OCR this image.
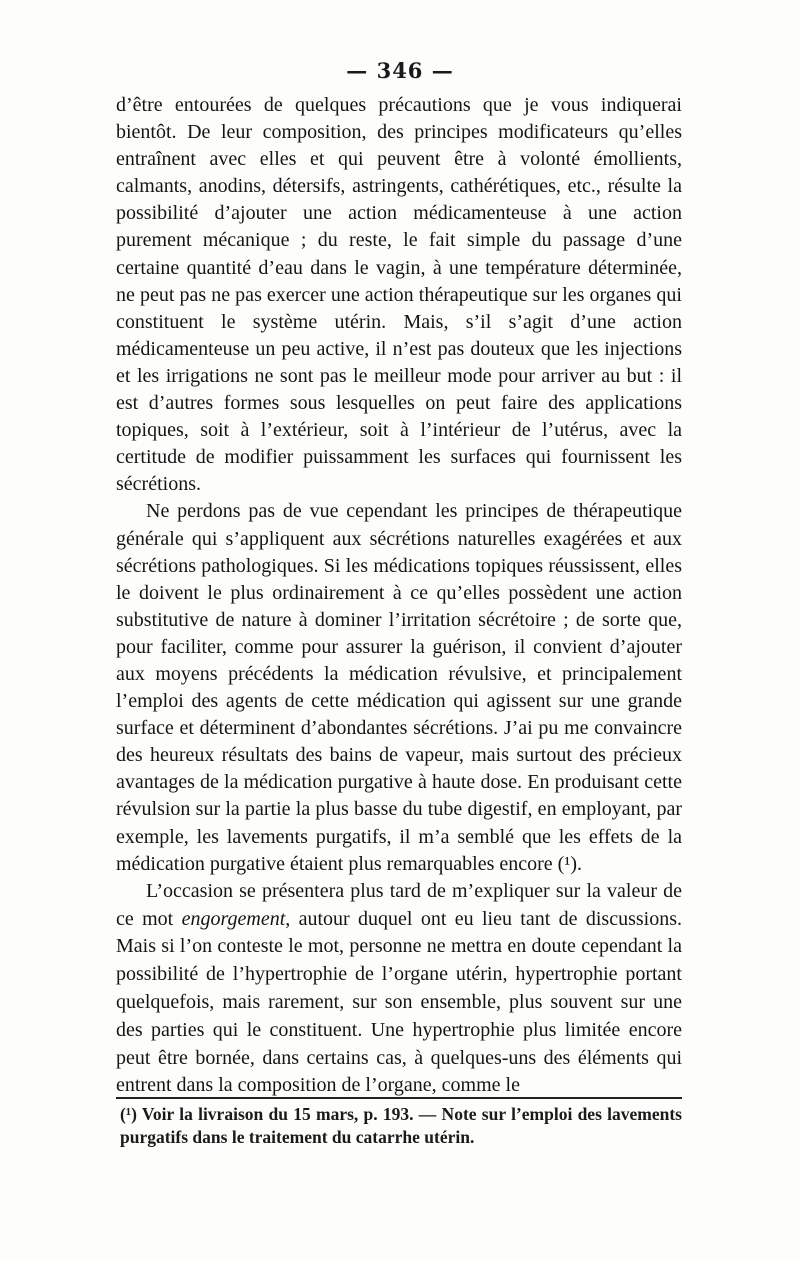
— 346 —

d’être entourées de quelques précautions que je vous indiquerai bientôt. De leur composition, des principes modificateurs qu’elles entraînent avec elles et qui peuvent être à volonté émollients, calmants, anodins, détersifs, astringents, cathérétiques, etc., résulte la possibilité d’ajouter une action médicamenteuse à une action purement mécanique ; du reste, le fait simple du passage d’une certaine quantité d’eau dans le vagin, à une température déterminée, ne peut pas ne pas exercer une action thérapeutique sur les organes qui constituent le système utérin. Mais, s’il s’agit d’une action médicamenteuse un peu active, il n’est pas douteux que les injections et les irrigations ne sont pas le meilleur mode pour arriver au but : il est d’autres formes sous lesquelles on peut faire des applications topiques, soit à l’extérieur, soit à l’intérieur de l’utérus, avec la certitude de modifier puissamment les surfaces qui fournissent les sécrétions.

Ne perdons pas de vue cependant les principes de thérapeutique générale qui s’appliquent aux sécrétions naturelles exagérées et aux sécrétions pathologiques. Si les médications topiques réussissent, elles le doivent le plus ordinairement à ce qu’elles possèdent une action substitutive de nature à dominer l’irritation sécrétoire ; de sorte que, pour faciliter, comme pour assurer la guérison, il convient d’ajouter aux moyens précédents la médication révulsive, et principalement l’emploi des agents de cette médication qui agissent sur une grande surface et déterminent d’abondantes sécrétions. J’ai pu me convaincre des heureux résultats des bains de vapeur, mais surtout des précieux avantages de la médication purgative à haute dose. En produisant cette révulsion sur la partie la plus basse du tube digestif, en employant, par exemple, les lavements purgatifs, il m’a semblé que les effets de la médication purgative étaient plus remarquables encore (¹).

L’occasion se présentera plus tard de m’expliquer sur la valeur de ce mot engorgement, autour duquel ont eu lieu tant de discussions. Mais si l’on conteste le mot, personne ne mettra en doute cependant la possibilité de l’hypertrophie de l’organe utérin, hypertrophie portant quelquefois, mais rarement, sur son ensemble, plus souvent sur une des parties qui le constituent. Une hypertrophie plus limitée encore peut être bornée, dans certains cas, à quelques-uns des éléments qui entrent dans la composition de l’organe, comme le

(¹) Voir la livraison du 15 mars, p. 193. — Note sur l’emploi des lavements purgatifs dans le traitement du catarrhe utérin.
